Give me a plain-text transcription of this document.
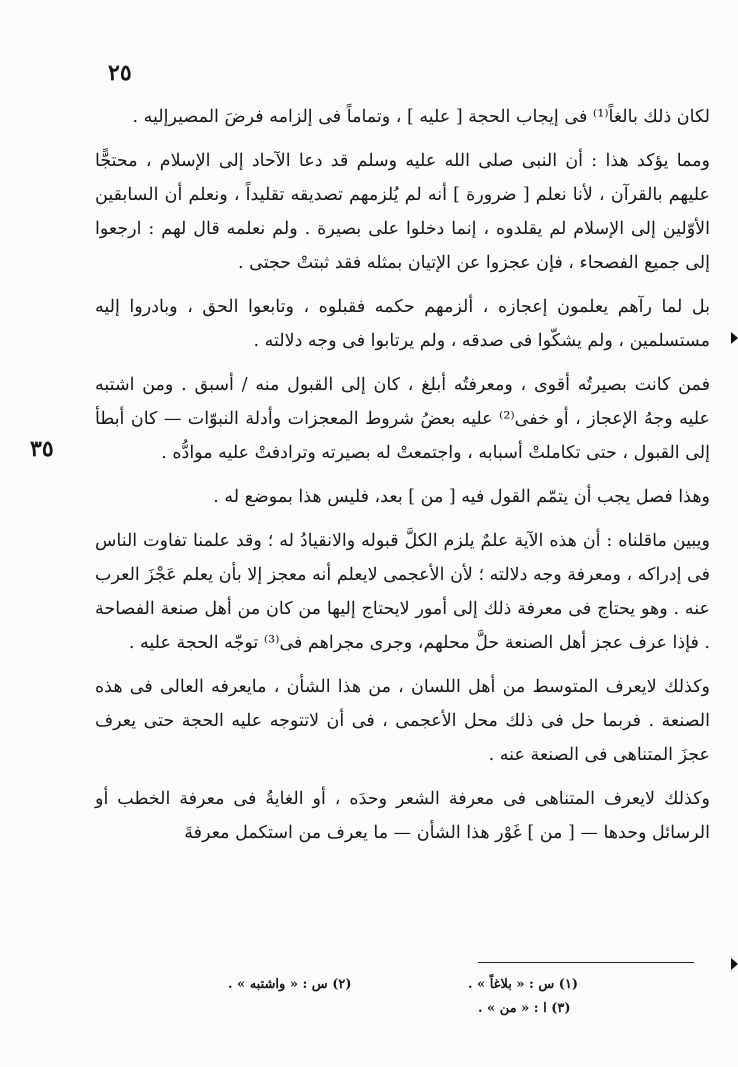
٢٥
٣٥

لكان ذلك بالغاً⁽¹⁾ فى إيجاب الحجة [ عليه ] ، وتماماً فى إلزامه فرضَ المصيرإليه .

ومما يؤكد هذا : أن النبى صلى الله عليه وسلم قد دعا الآحاد إلى الإسلام ، محتجًّا عليهم بالقرآن ، لأنا نعلم [ ضرورة ] أنه لم يُلزمهم تصديقه تقليداً ، ونعلم أن السابقين الأوّلين إلى الإسلام لم يقلدوه ، إنما دخلوا على بصيرة . ولم نعلمه قال لهم : ارجعوا إلى جميع الفصحاء ، فإن عجزوا عن الإتيان بمثله فقد ثبتتْ حجتى .

بل لما رآهم يعلمون إعجازه ، ألزمهم حكمه فقبلوه ، وتابعوا الحق ، وبادروا إليه مستسلمين ، ولم يشكّوا فى صدقه ، ولم يرتابوا فى وجه دلالته .

فمن كانت بصيرتُه أقوى ، ومعرفتُه أبلغ ، كان إلى القبول منه / أسبق . ومن اشتبه عليه وجهُ الإعجاز ، أو خفى⁽²⁾ عليه بعضُ شروط المعجزات وأدلة النبوّات — كان أبطأ إلى القبول ، حتى تكاملتْ أسبابه ، واجتمعتْ له بصيرته وترادفتْ عليه موادُّه .

وهذا فصل يجب أن يتمّم القول فيه [ من ] بعد، فليس هذا بموضع له .

ويبين ماقلناه : أن هذه الآية علمٌ يلزم الكلَّ قبوله والانقيادُ له ؛ وقد علمنا تفاوت الناس فى إدراكه ، ومعرفة وجه دلالته ؛ لأن الأعجمى لايعلم أنه معجز إلا بأن يعلم عَجْزَ العرب عنه . وهو يحتاج فى معرفة ذلك إلى أمور لايحتاج إليها من كان من أهل صنعة الفصاحة . فإذا عرف عجز أهل الصنعة حلَّ محلهم، وجرى مجراهم فى⁽³⁾ توجّه الحجة عليه .

وكذلك لايعرف المتوسط من أهل اللسان ، من هذا الشأن ، مايعرفه العالى فى هذه الصنعة . فربما حل فى ذلك محل الأعجمى ، فى أن لاتتوجه عليه الحجة حتى يعرف عجزَ المتناهى فى الصنعة عنه .

وكذلك لايعرف المتناهى فى معرفة الشعر وحدَه ، أو الغايةُ فى معرفة الخطب أو الرسائل وحدها — [ من ] غَوْر هذا الشأن — ما يعرف من استكمل معرفةَ

(١) س : « بلاغاً » .
(٢) س : « واشتبه » .
(٣) ا : « من » .
